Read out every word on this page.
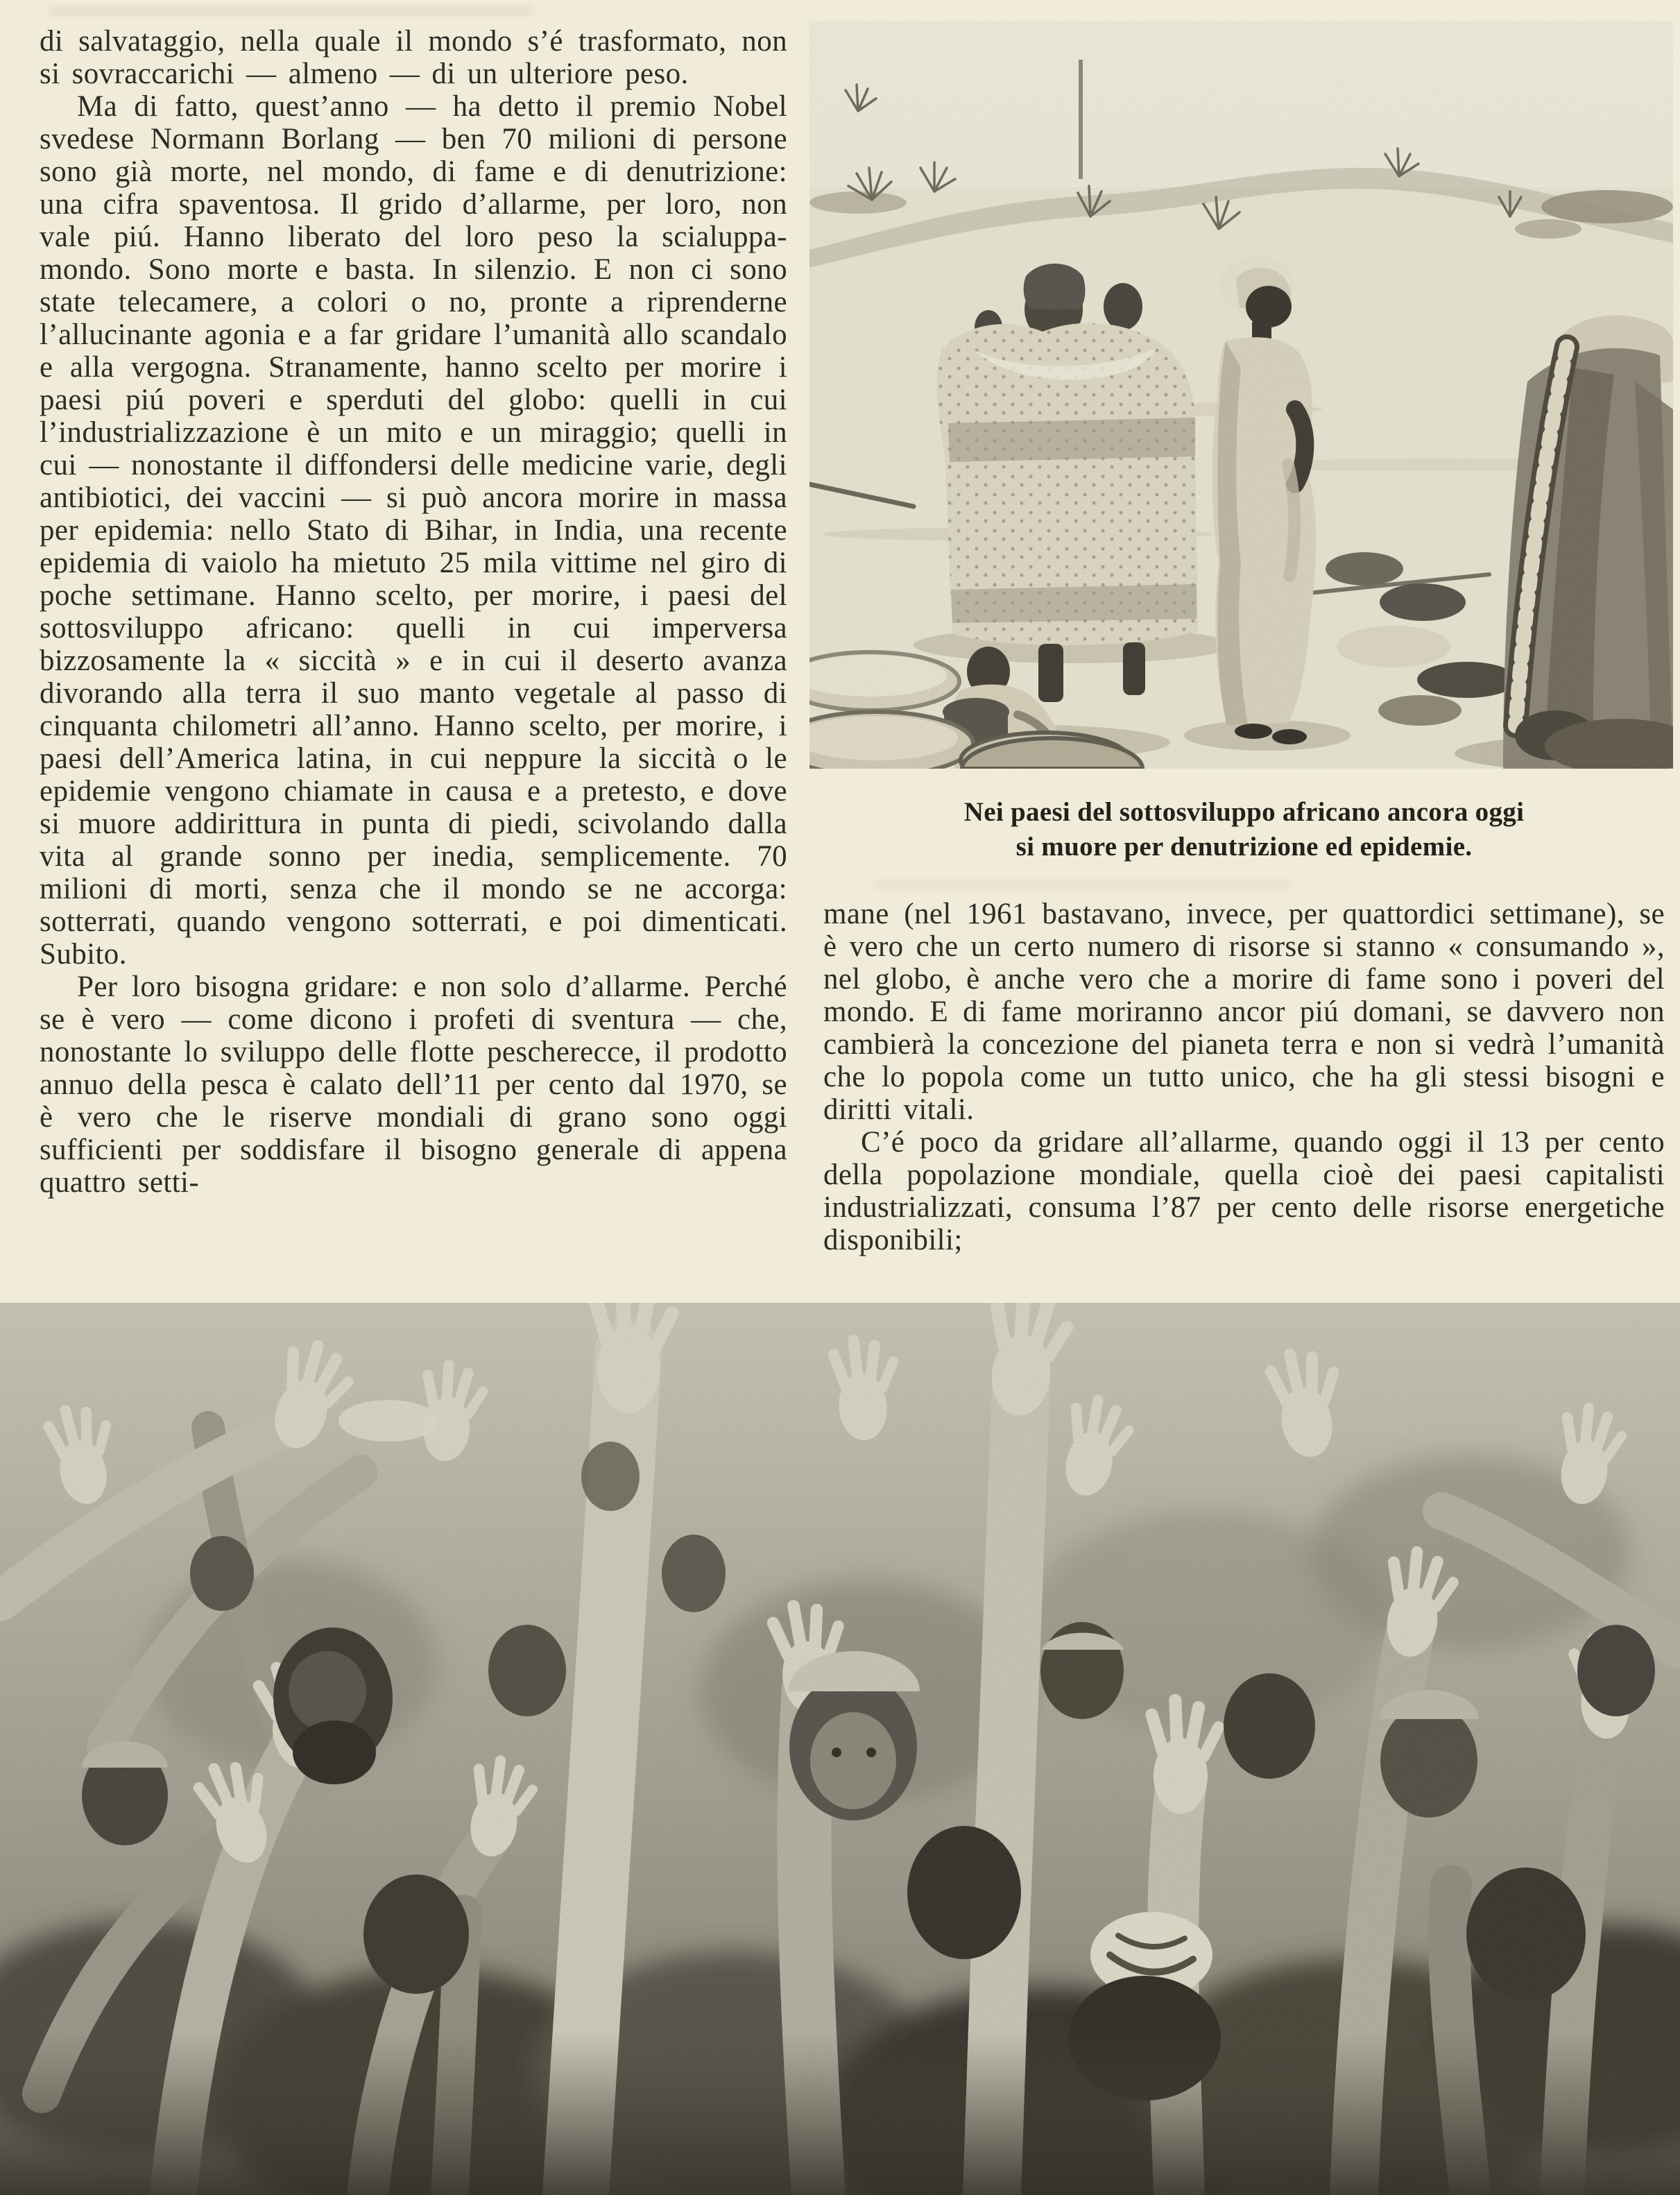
di salvataggio, nella quale il mondo s’é trasformato, non si sovraccarichi — almeno — di un ulteriore peso.

Ma di fatto, quest’anno — ha detto il premio Nobel svedese Normann Borlang — ben 70 milioni di persone sono già morte, nel mondo, di fame e di denutrizione: una cifra spaventosa. Il grido d’allarme, per loro, non vale piú. Hanno liberato del loro peso la scialuppa-mondo. Sono morte e basta. In silenzio. E non ci sono state telecamere, a colori o no, pronte a riprenderne l’allucinante agonia e a far gridare l’umanità allo scandalo e alla vergogna. Stranamente, hanno scelto per morire i paesi piú poveri e sperduti del globo: quelli in cui l’industrializzazione è un mito e un miraggio; quelli in cui — nonostante il diffondersi delle medicine varie, degli antibiotici, dei vaccini — si può ancora morire in massa per epidemia: nello Stato di Bihar, in India, una recente epidemia di vaiolo ha mietuto 25 mila vittime nel giro di poche settimane. Hanno scelto, per morire, i paesi del sottosviluppo africano: quelli in cui imperversa bizzosamente la « siccità » e in cui il deserto avanza divorando alla terra il suo manto vegetale al passo di cinquanta chilometri all’anno. Hanno scelto, per morire, i paesi dell’America latina, in cui neppure la siccità o le epidemie vengono chiamate in causa e a pretesto, e dove si muore addirittura in punta di piedi, scivolando dalla vita al grande sonno per inedia, semplicemente. 70 milioni di morti, senza che il mondo se ne accorga: sotterrati, quando vengono sotterrati, e poi dimenticati. Subito.

Per loro bisogna gridare: e non solo d’allarme. Perché se è vero — come dicono i profeti di sventura — che, nonostante lo sviluppo delle flotte pescherecce, il prodotto annuo della pesca è calato dell’11 per cento dal 1970, se è vero che le riserve mondiali di grano sono oggi sufficienti per soddisfare il bisogno generale di appena quattro setti-

Nei paesi del sottosviluppo africano ancora oggi
si muore per denutrizione ed epidemie.

mane (nel 1961 bastavano, invece, per quattordici settimane), se è vero che un certo numero di risorse si stanno « consumando », nel globo, è anche vero che a morire di fame sono i poveri del mondo. E di fame moriranno ancor piú domani, se davvero non cambierà la concezione del pianeta terra e non si vedrà l’umanità che lo popola come un tutto unico, che ha gli stessi bisogni e diritti vitali.

C’é poco da gridare all’allarme, quando oggi il 13 per cento della popolazione mondiale, quella cioè dei paesi capitalisti industrializzati, consuma l’87 per cento delle risorse energetiche disponibili;
